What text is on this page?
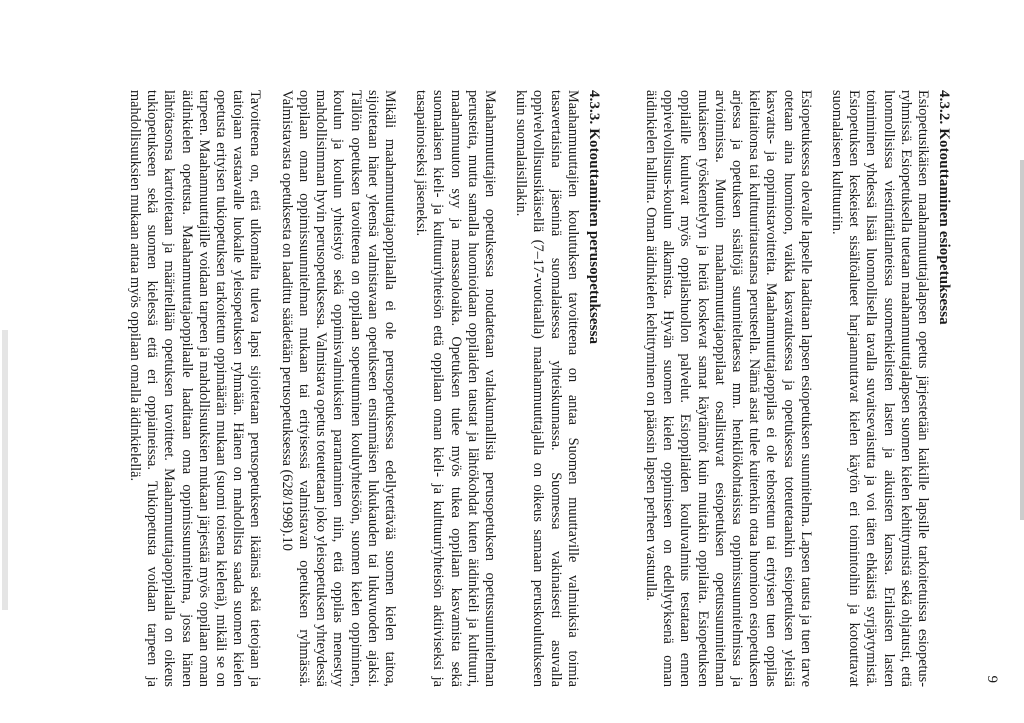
9
4.3.2. Kotouttaminen esiopetuksessa

Esiopetusikäisen maahanmuuttajalapsen opetus järjestetään kaikille lapsille tarkoitetuissa esiopetus-ryhmissä. Esiopetuksella tuetaan maahanmuuttajalapsen suomen kielen kehittymistä sekä ohjatusti, että luonnollisissa viestintätilanteissa suomenkielisten lasten ja aikuisten kanssa. Erilaisten lasten toimiminen yhdessä lisää luonnollisella tavalla suvaitsevaisutta ja voi täten ehkäistä syrjäytymistä. Esiopetuksen keskeiset sisältöalueet harjaannuttavat kielen käytön eri toimintoihin ja kotouttavat suomalaiseen kulttuuriin.

Esiopetuksessa olevalle lapselle laaditaan lapsen esiopetuksen suunnitelma. Lapsen tausta ja tuen tarve otetaan aina huomioon, vaikka kasvatuksessa ja opetuksessa toteutetaankin esiopetuksen yleisiä kasvatus- ja oppimistavoitteita. Maahanmuuttajaoppilas ei ole tehostetun tai erityisen tuen oppilas kielitaitonsa tai kulttuuritaustansa perusteella. Nämä asiat tulee kuitenkin ottaa huomioon esiopetuksen arjessa ja opetuksen sisältöjä suunniteltaessa mm. henkilökohtaisissa oppimissuunnitelmissa ja arvioinnissa. Muutoin maahanmuuttajaoppilaat osallistuvat esiopetuksen opetussuunnitelman mukaiseen työskentelyyn ja heitä koskevat samat käytännöt kuin muitakin oppilaita. Esiopetuksen oppilaille kuuluvat myös oppilashuollon palvelut. Esioppilaiden kouluvalmius testataan ennen oppivelvollisuus-koulun alkamista. Hyvän suomen kielen oppimiseen on edellytyksenä oman äidinkielen hallinta. Oman äidinkielen kehittyminen on pääosin lapsen perheen vastuulla.

4.3.3. Kotouttaminen perusopetuksessa

Maahanmuuttajien koulutuksen tavoitteena on antaa Suomen muuttaville valmiuksia toimia tasavertaisina jäseninä suomalaisessa yhteiskunnassa. Suomessa vakinaisesti asuvalla oppivelvollisuusikäisellä (7–17-vuotiaalla) maahanmuuttajalla on oikeus samaan peruskoulutukseen kuin suomalaisillakin.

Maahanmuuttajien opetuksessa noudatetaan valtakunnallisia perusopetuksen opetussuunnitelman perusteita, mutta samalla huomioidaan oppilaiden taustat ja lähtökohdat kuten äidinkieli ja kulttuuri, maahanmuuton syy ja maassaoloaika. Opetuksen tulee myös tukea oppilaan kasvamista sekä suomalaisen kieli- ja kulttuuriyhteisön että oppilaan oman kieli- ja kulttuuriyhteisön aktiiviseksi ja tasapainoiseksi jäseneksi.

Mikäli maahanmuuttajaoppilaalla ei ole perusopetuksessa edellytettävää suomen kielen taitoa, sijoitetaan hänet yleensä valmistavaan opetukseen ensimmäisen lukukauden tai lukuvuoden ajaksi. Tällöin opetuksen tavoitteena on oppilaan sopeutuminen kouluyhteisöön, suomen kielen oppiminen, koulun ja koulun yhteistyö sekä oppimisvalmiuksien parantaminen niin, että oppilas menestyy mahdollisimman hyvin perusopetuksessa. Valmistava opetus toteutetaan joko yleisopetuksen yhteydessä oppilaan oman oppimissuunnitelman mukaan tai erityisessä valmistavan opetuksen ryhmässä. Valmistavasta opetuksesta on laadittu säädetään perusopetuksessa (628/1998).10

Tavoitteena on, että ulkomailta tuleva lapsi sijoitetaan perusopetukseen ikäänsä sekä tietojaan ja taitojaan vastaavalle luokalle yleisopetuksen ryhmään. Hänen on mahdollista saada suomen kielen opetusta erityisen tukiopetuksen tarkoitetun oppimäärän mukaan (suomi toisena kielenä), mikäli se on tarpeen. Maahanmuuttajille voidaan tarpeen ja mahdollisuuksien mukaan järjestää myös oppilaan oman äidinkielen opetusta. Maahanmuuttajaoppilaalle laaditaan oma oppimissuunnitelma, jossa hänen lähtötasonsa kartoitetaan ja määritellään opetuksen tavoitteet. Maahanmuuttajaoppilaalla on oikeus tukiopetukseen sekä suomen kielessä että eri oppiaineissa. Tukiopetusta voidaan tarpeen ja mahdollisuuksien mukaan antaa myös oppilaan omalla äidinkielellä.
